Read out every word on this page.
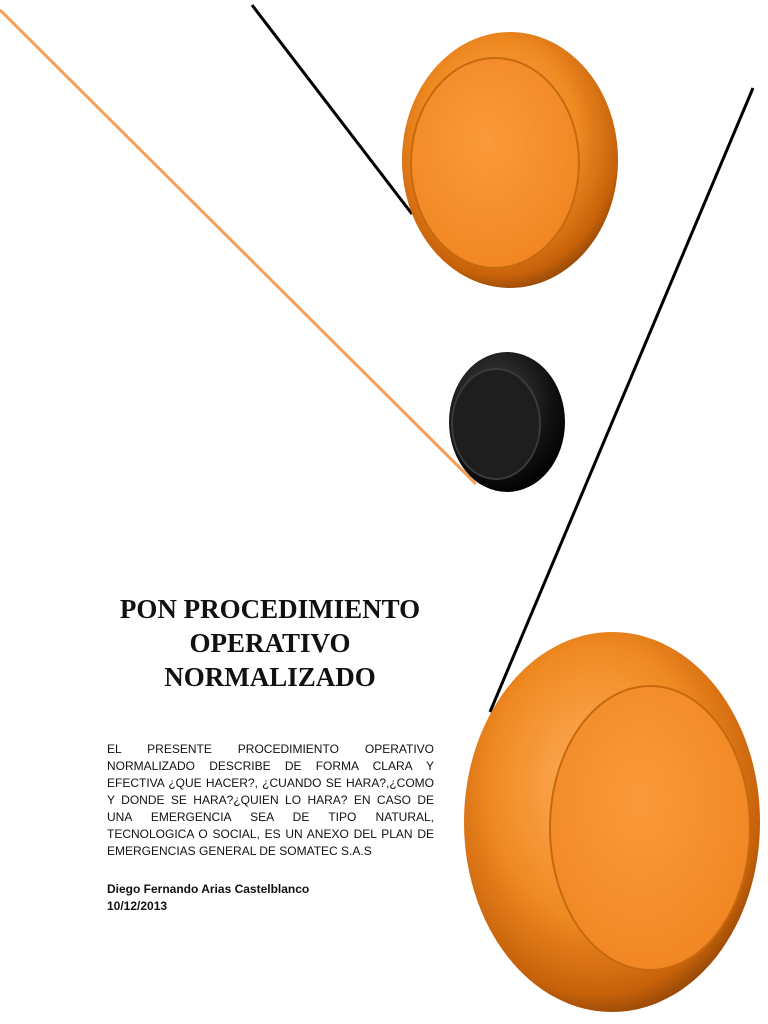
PON PROCEDIMIENTO
OPERATIVO
NORMALIZADO

EL PRESENTE PROCEDIMIENTO OPERATIVO NORMALIZADO DESCRIBE DE FORMA CLARA Y EFECTIVA ¿QUE HACER?, ¿CUANDO SE HARA?,¿COMO Y DONDE SE HARA?¿QUIEN LO HARA? EN CASO DE UNA EMERGENCIA SEA DE TIPO NATURAL, TECNOLOGICA O SOCIAL, ES UN ANEXO DEL PLAN DE EMERGENCIAS GENERAL DE SOMATEC S.A.S

Diego Fernando Arias Castelblanco
10/12/2013
